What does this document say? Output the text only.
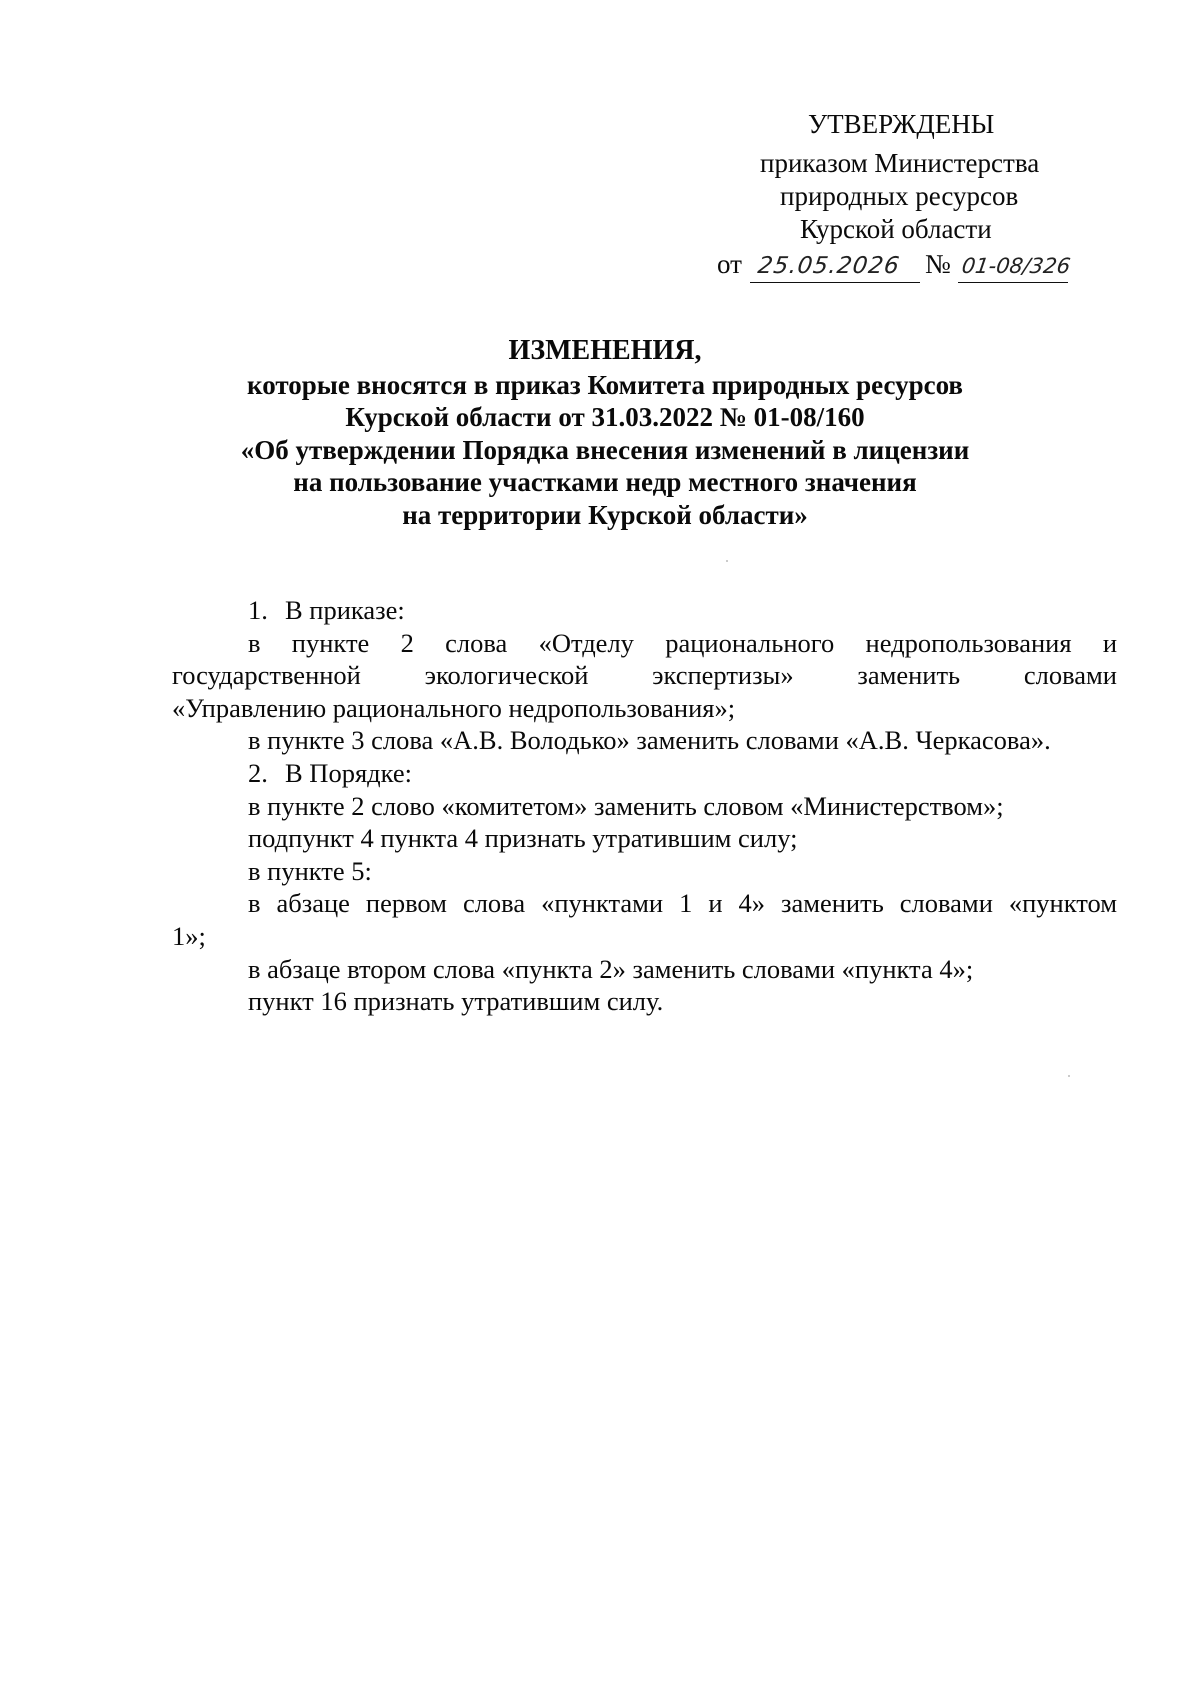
УТВЕРЖДЕНЫ
приказом Министерства
природных ресурсов
Курской области
от 25.05.2026 № 01-08/326
ИЗМЕНЕНИЯ,
которые вносятся в приказ Комитета природных ресурсов
Курской области от 31.03.2022 № 01-08/160
«Об утверждении Порядка внесения изменений в лицензии
на пользование участками недр местного значения
на территории Курской области»

1. В приказе:

в пункте 2 слова «Отделу рационального недропользования и

государственной экологической экспертизы» заменить словами

«Управлению рационального недропользования»;

в пункте 3 слова «А.В. Володько» заменить словами «А.В. Черкасова».

2. В Порядке:

в пункте 2 слово «комитетом» заменить словом «Министерством»;

подпункт 4 пункта 4 признать утратившим силу;

в пункте 5:

в абзаце первом слова «пунктами 1 и 4» заменить словами «пунктом

1»;

в абзаце втором слова «пункта 2» заменить словами «пункта 4»;

пункт 16 признать утратившим силу.
